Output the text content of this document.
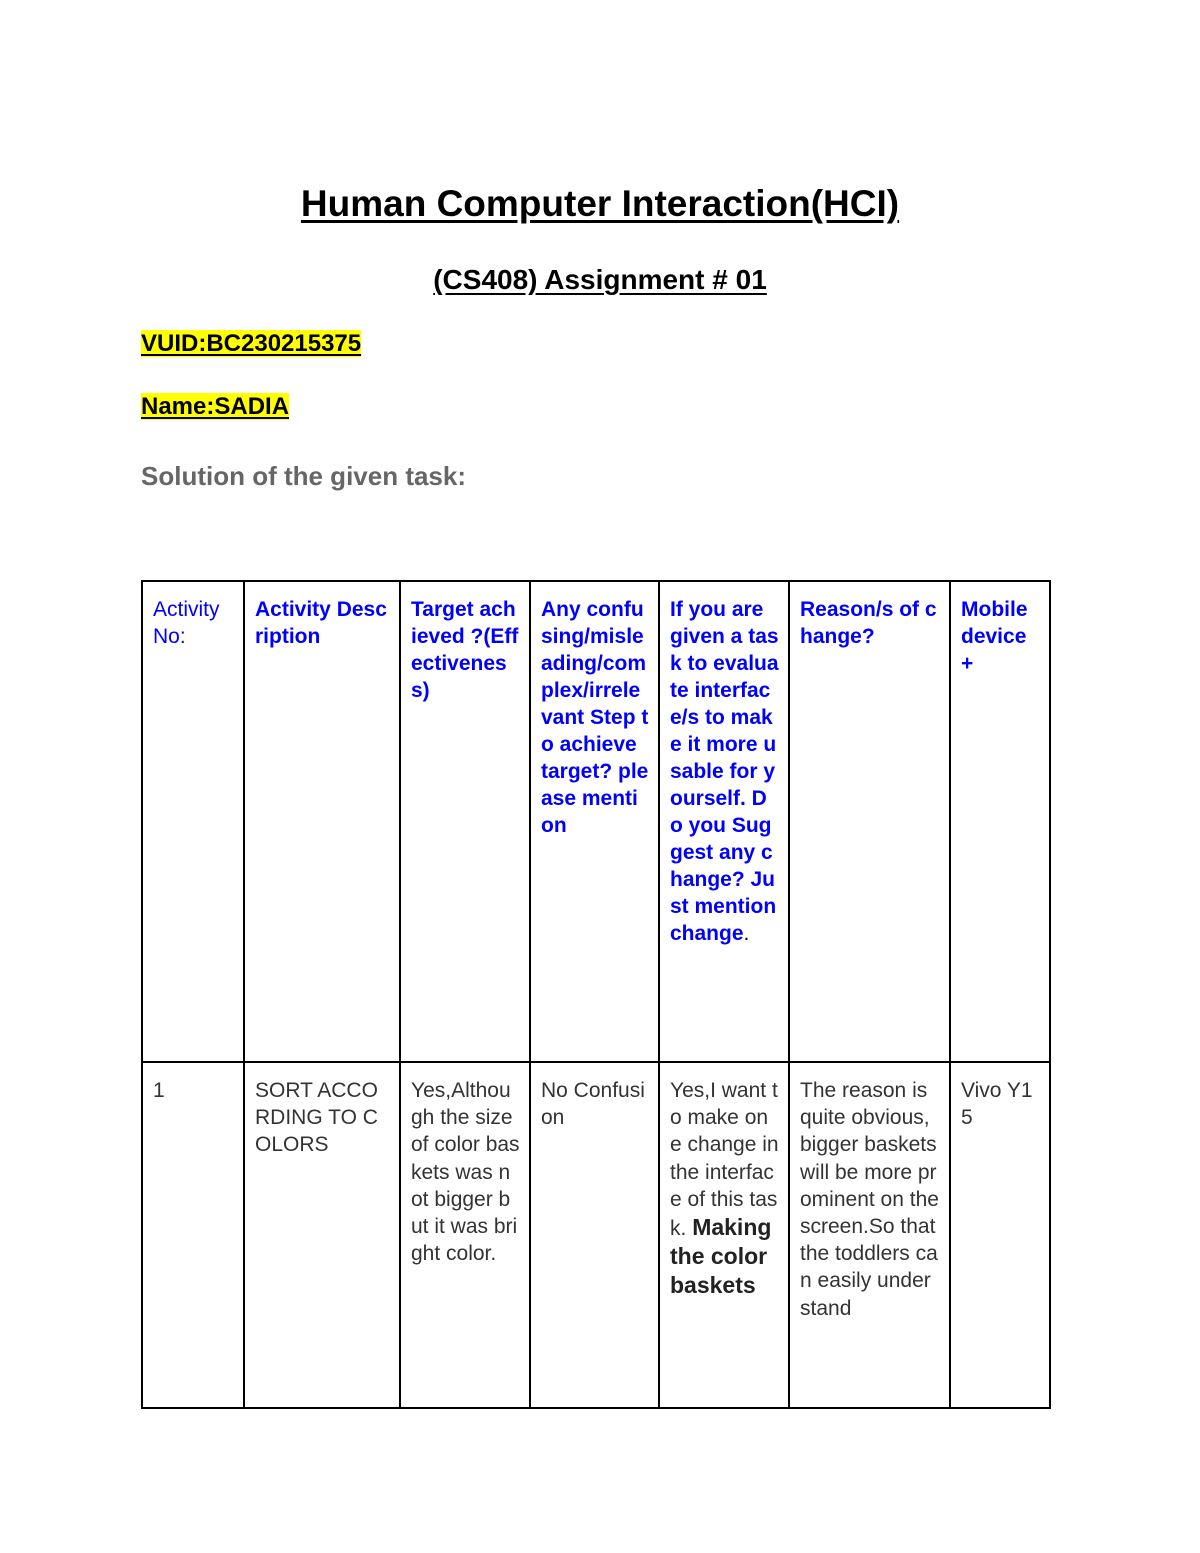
Human Computer Interaction(HCI)
(CS408) Assignment # 01

VUID:BC230215375

Name:SADIA

Solution of the given task:

Activity No:	Activity Description	Target achieved ?(Effectiveness)	Any confusing/misleading/complex/irrelevant Step to achieve target? please mention	If you are given a task to evaluate interface/s to make it more usable for yourself. Do you Suggest any change? Just mention change.	Reason/s of change?	Mobile device +
1	SORT ACCORDING TO COLORS	Yes,Although the size of color baskets was not bigger but it was bright color.	No Confusion	Yes,I want to make one change in the interface of this task. Making the color baskets	The reason is quite obvious,bigger baskets will be more prominent on the screen.So that the toddlers can easily understand	Vivo Y15
